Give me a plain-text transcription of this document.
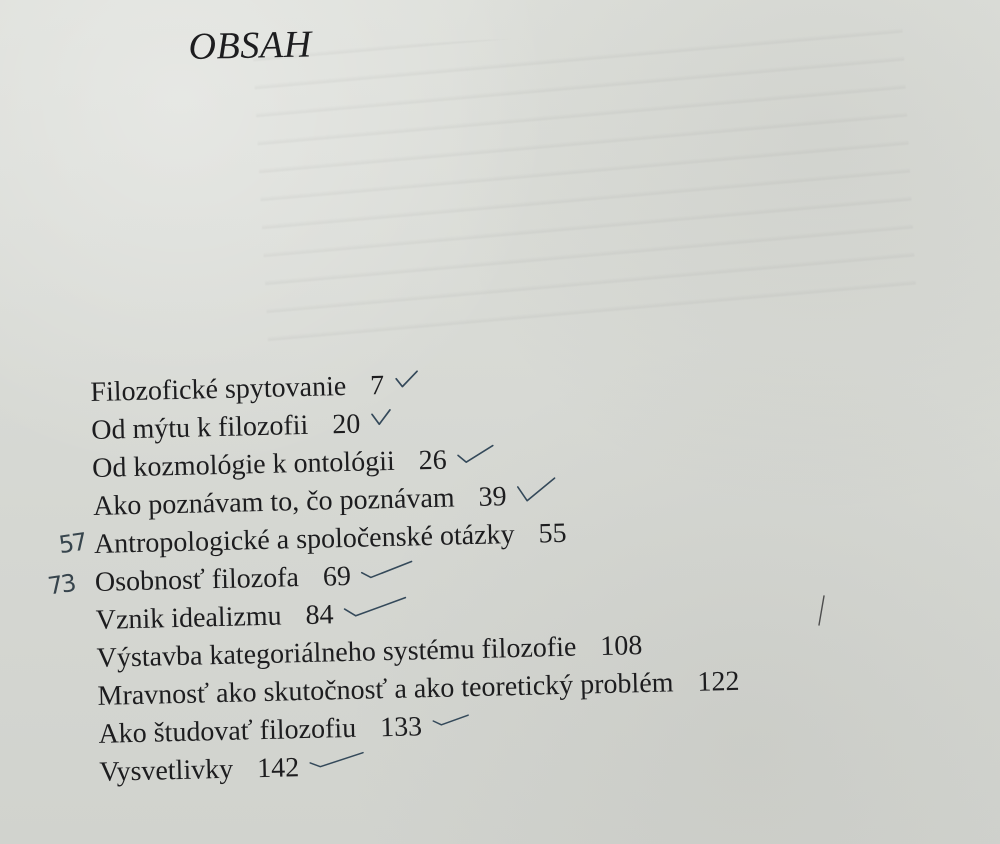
OBSAH
Filozofické spytovanie 7
Od mýtu k filozofii 20
Od kozmológie k ontológii 26
Ako poznávam to, čo poznávam 39
57 Antropologické a spoločenské otázky 55
73 Osobnosť filozofa 69
Vznik idealizmu 84
Výstavba kategoriálneho systému filozofie 108
Mravnosť ako skutočnosť a ako teoretický problém 122
Ako študovať filozofiu 133
Vysvetlivky 142
